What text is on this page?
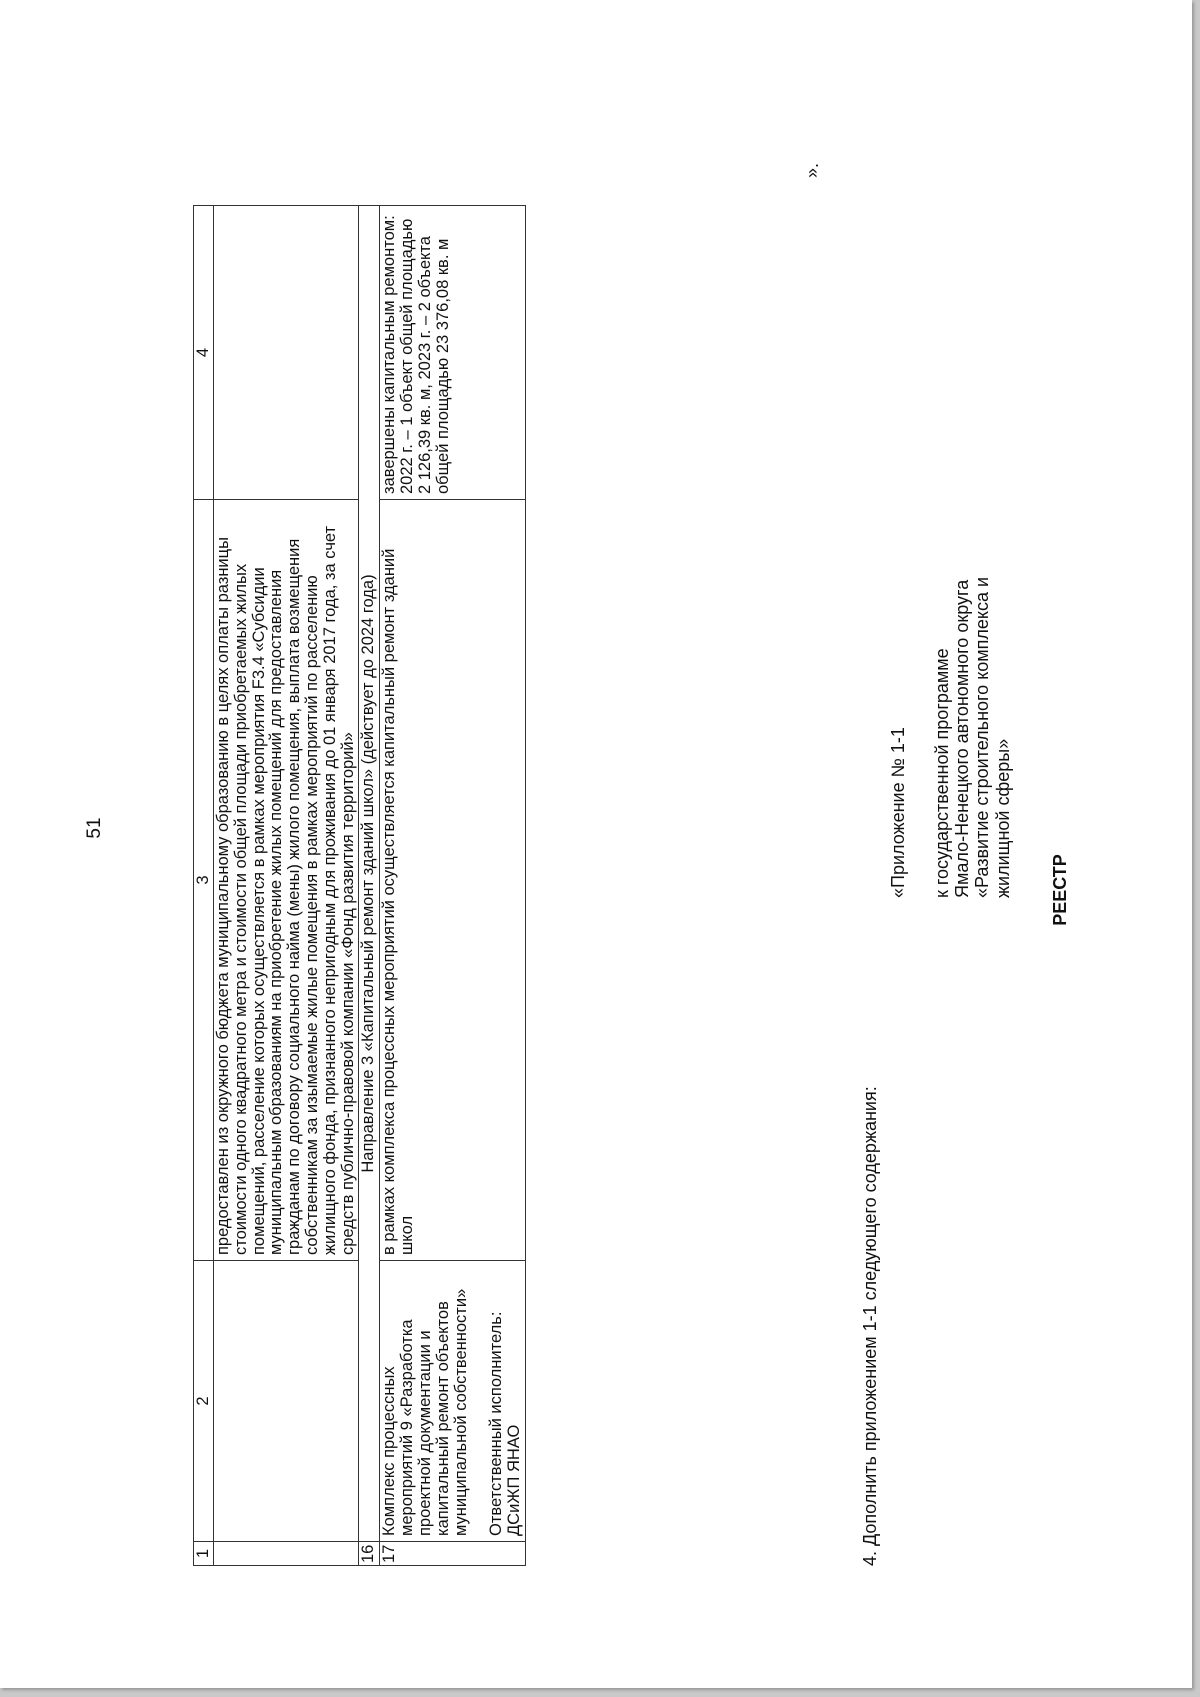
51
1	2	3	4
		предоставлен из окружного бюджета муниципальному образованию в целях оплаты разницы стоимости одного квадратного метра и стоимости общей площади приобретаемых жилых помещений, расселение которых осуществляется в рамках мероприятия F3.4 «Субсидии муниципальным образованиям на приобретение жилых помещений для предоставления гражданам по договору социального найма (мены) жилого помещения, выплата возмещения собственникам за изымаемые жилые помещения в рамках мероприятий по расселению жилищного фонда, признанного непригодным для проживания до 01 января 2017 года, за счет средств публично-правовой компании «Фонд развития территорий»	
16	Направление 3 «Капитальный ремонт зданий школ» (действует до 2024 года)		
17	Комплекс процессных мероприятий 9 «Разработка проектной документации и капитальный ремонт объектов муниципальной собственности» Ответственный исполнитель: ДСиЖП ЯНАО	в рамках комплекса процессных мероприятий осуществляется капитальный ремонт зданий школ	завершены капитальным ремонтом: 2022 г. – 1 объект общей площадью 2 126,39 кв. м, 2023 г. – 2 объекта общей площадью 23 376,08 кв. м
».
4. Дополнить приложением 1-1 следующего содержания:

«Приложение № 1-1 к государственной программе Ямало-Ненецкого автономного округа «Развитие строительного комплекса и жилищной сферы» РЕЕСТР
